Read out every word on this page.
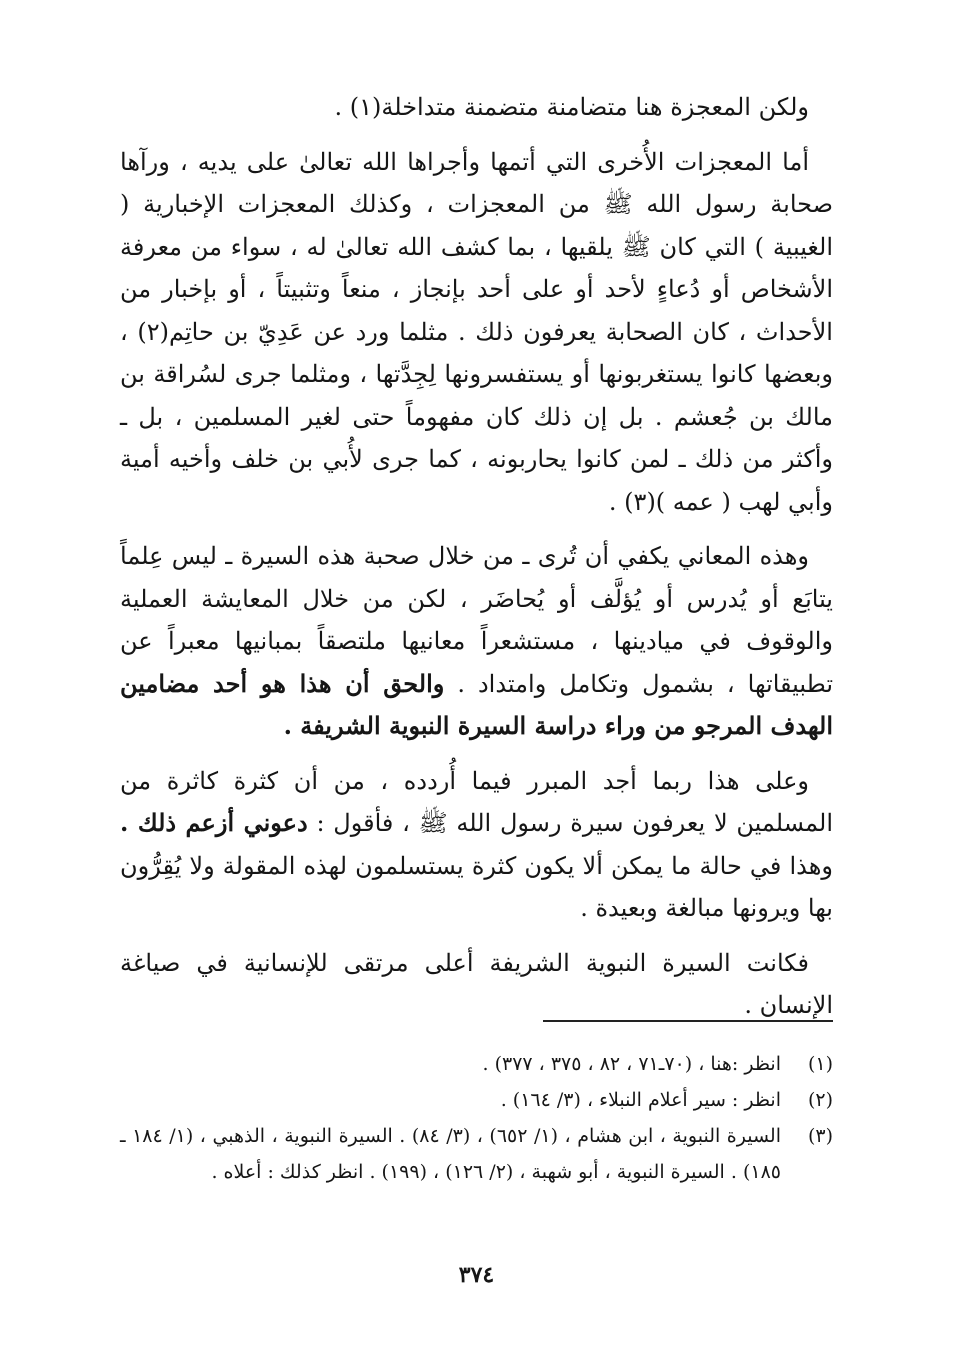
ولكن المعجزة هنا متضامنة متضمنة متداخلة(١) .

أما المعجزات الأُخرى التي أتمها وأجراها الله تعالىٰ على يديه ، ورآها صحابة رسول الله ﷺ من المعجزات ، وكذلك المعجزات الإخبارية ( الغيبية ) التي كان ﷺ يلقيها ، بما كشف الله تعالىٰ له ، سواء من معرفة الأشخاص أو دُعاءٍ لأحد أو على أحد بإنجاز ، منعاً وتثبيتاً ، أو بإخبار من الأحداث ، كان الصحابة يعرفون ذلك . مثلما ورد عن عَدِيّ بن حاتِم(٢) ، وبعضها كانوا يستغربونها أو يستفسرونها لِجِدَّتها ، ومثلما جرى لسُراقة بن مالك بن جُعشم . بل إن ذلك كان مفهوماً حتى لغير المسلمين ، بل ـ وأكثر من ذلك ـ لمن كانوا يحاربونه ، كما جرى لأُبي بن خلف وأخيه أمية وأبي لهب ( عمه )(٣) .

وهذه المعاني يكفي أن تُرى ـ من خلال صحبة هذه السيرة ـ ليس عِلماً يتابَع أو يُدرس أو يُؤلَّف أو يُحاضَر ، لكن من خلال المعايشة العملية والوقوف في ميادينها ، مستشعراً معانيها ملتصقاً بمبانيها معبراً عن تطبيقاتها ، بشمول وتكامل وامتداد . والحق أن هذا هو أحد مضامين الهدف المرجو من وراء دراسة السيرة النبوية الشريفة .

وعلى هذا ربما أجد المبرر فيما أُردده ، من أن كثرة كاثرة من المسلمين لا يعرفون سيرة رسول الله ﷺ ، فأقول : دعوني أزعم ذلك . وهذا في حالة ما يمكن ألا يكون كثرة يستسلمون لهذه المقولة ولا يُقِرُّون بها ويرونها مبالغة وبعيدة .

فكانت السيرة النبوية الشريفة أعلى مرتقى للإنسانية في صياغة الإنسان .

(١)
انظر :هنا ، (٧٠ـ٧١ ، ٨٢ ، ٣٧٥ ، ٣٧٧) .
(٢)
انظر : سير أعلام النبلاء ، (٣/ ١٦٤) .
(٣)
السيرة النبوية ، ابن هشام ، (١/ ٦٥٢) ، (٣/ ٨٤) . السيرة النبوية ، الذهبي ، (١/ ١٨٤ ـ ١٨٥) . السيرة النبوية ، أبو شهبة ، (٢/ ١٢٦) ، (١٩٩) . انظر كذلك : أعلاه .
٣٧٤
